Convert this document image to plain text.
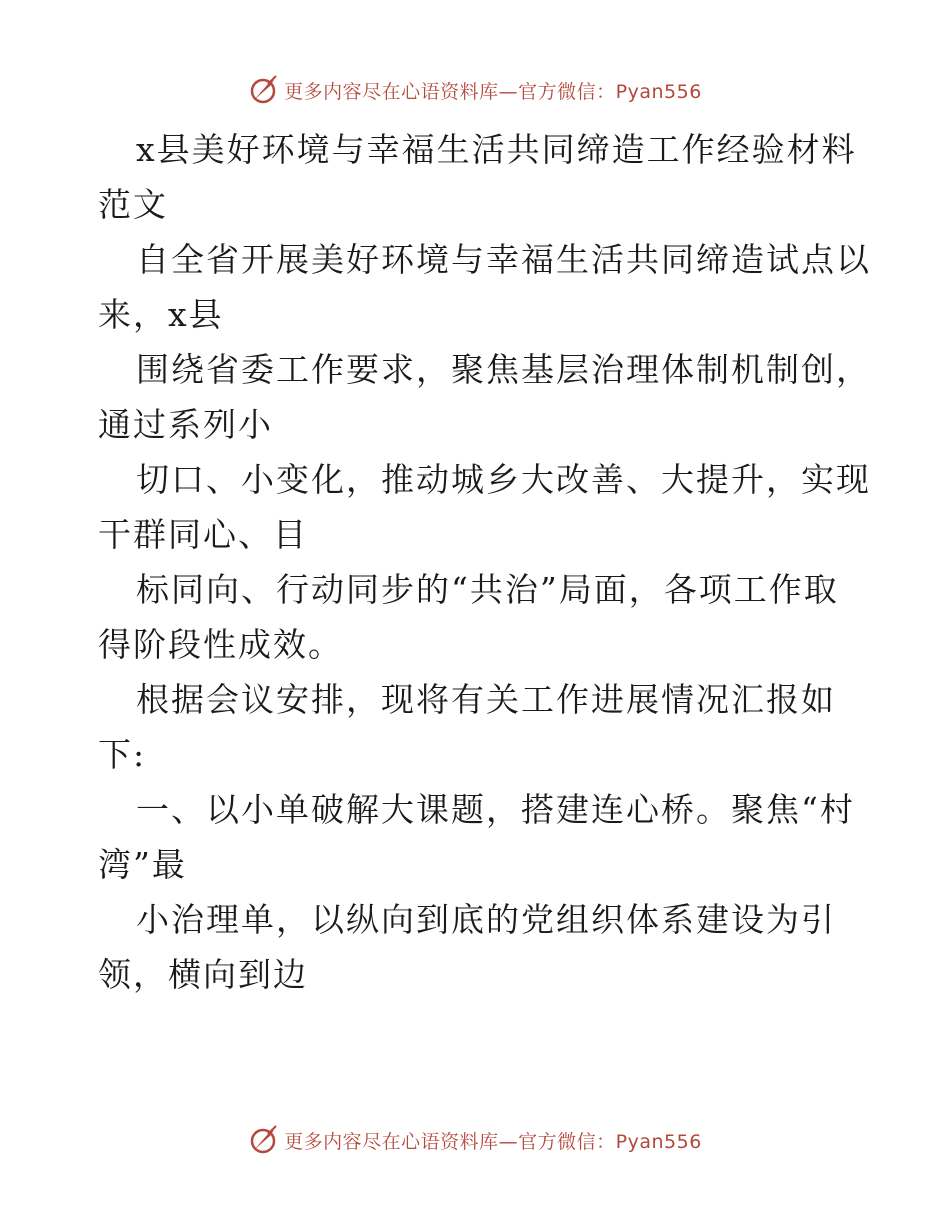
更多内容尽在心语资料库—官方微信：Pyan556
x县美好环境与幸福生活共同缔造工作经验材料
范文
自全省开展美好环境与幸福生活共同缔造试点以
来，x县
围绕省委工作要求，聚焦基层治理体制机制创，
通过系列小
切口、小变化，推动城乡大改善、大提升，实现
干群同心、目
标同向、行动同步的“共治”局面，各项工作取
得阶段性成效。
根据会议安排，现将有关工作进展情况汇报如
下:
一、以小单破解大课题，搭建连心桥。聚焦“村
湾”最
小治理单，以纵向到底的党组织体系建设为引
领，横向到边
更多内容尽在心语资料库—官方微信：Pyan556
